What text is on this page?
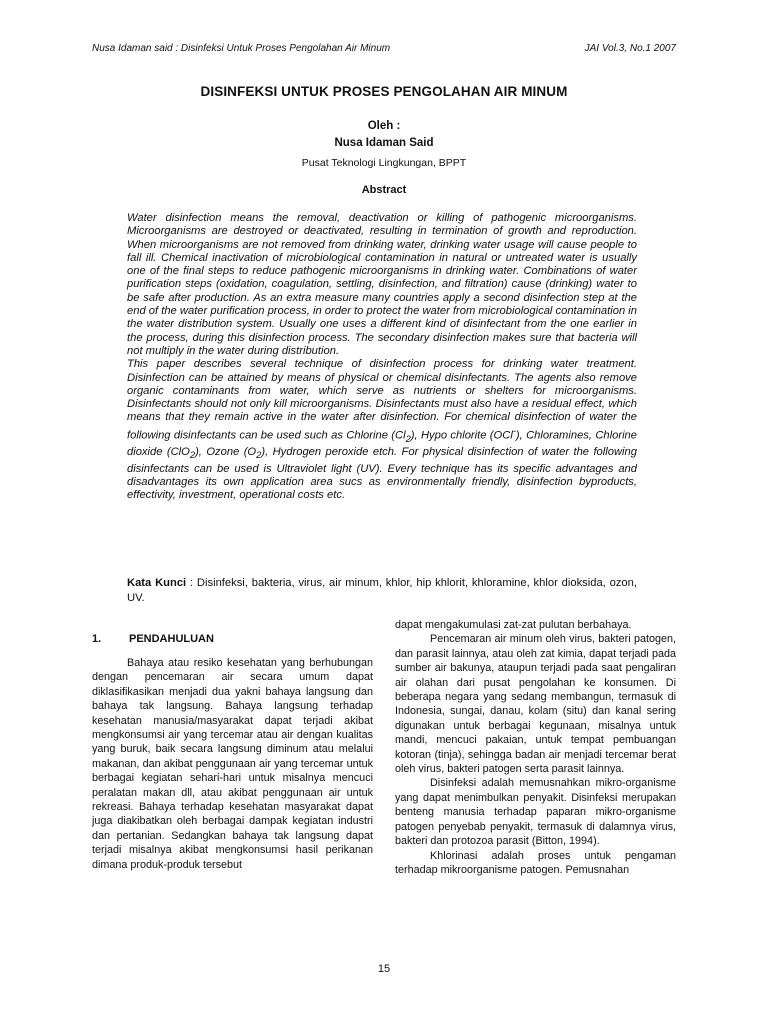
Nusa Idaman said : Disinfeksi Untuk Proses Pengolahan Air Minum	JAI Vol.3, No.1 2007
DISINFEKSI UNTUK PROSES PENGOLAHAN AIR MINUM
Oleh :
Nusa Idaman Said
Pusat Teknologi Lingkungan, BPPT
Abstract

Water disinfection means the removal, deactivation or killing of pathogenic microorganisms. Microorganisms are destroyed or deactivated, resulting in termination of growth and reproduction. When microorganisms are not removed from drinking water, drinking water usage will cause people to fall ill. Chemical inactivation of microbiological contamination in natural or untreated water is usually one of the final steps to reduce pathogenic microorganisms in drinking water. Combinations of water purification steps (oxidation, coagulation, settling, disinfection, and filtration) cause (drinking) water to be safe after production. As an extra measure many countries apply a second disinfection step at the end of the water purification process, in order to protect the water from microbiological contamination in the water distribution system. Usually one uses a different kind of disinfectant from the one earlier in the process, during this disinfection process. The secondary disinfection makes sure that bacteria will not multiply in the water during distribution.

This paper describes several technique of disinfection process for drinking water treatment. Disinfection can be attained by means of physical or chemical disinfectants. The agents also remove organic contaminants from water, which serve as nutrients or shelters for microorganisms. Disinfectants should not only kill microorganisms. Disinfectants must also have a residual effect, which means that they remain active in the water after disinfection. For chemical disinfection of water the following disinfectants can be used such as Chlorine $(Cl_2)$, Hypo chlorite (OCl-), Chloramines, Chlorine dioxide (ClO$_2$), Ozone $(O_2)$, Hydrogen peroxide etch. For physical disinfection of water the following disinfectants can be used is Ultraviolet light (UV). Every technique has its specific advantages and disadvantages its own application area sucs as environmentally friendly, disinfection byproducts, effectivity, investment, operational costs etc.

Kata Kunci : Disinfeksi, bakteria, virus, air minum, khlor, hip khlorit, khloramine, khlor dioksida, ozon, UV.
1.	PENDAHULUAN

Bahaya atau resiko kesehatan yang berhubungan dengan pencemaran air secara umum dapat diklasifikasikan menjadi dua yakni bahaya langsung dan bahaya tak langsung. Bahaya langsung terhadap kesehatan manusia/masyarakat dapat terjadi akibat mengkonsumsi air yang tercemar atau air dengan kualitas yang buruk, baik secara langsung diminum atau melalui makanan, dan akibat penggunaan air yang tercemar untuk berbagai kegiatan sehari-hari untuk misalnya mencuci peralatan makan dll, atau akibat penggunaan air untuk rekreasi. Bahaya terhadap kesehatan masyarakat dapat juga diakibatkan oleh berbagai dampak kegiatan industri dan pertanian. Sedangkan bahaya tak langsung dapat terjadi misalnya akibat mengkonsumsi hasil perikanan dimana produk-produk tersebut

dapat mengakumulasi zat-zat pulutan berbahaya.

Pencemaran air minum oleh virus, bakteri patogen, dan parasit lainnya, atau oleh zat kimia, dapat terjadi pada sumber air bakunya, ataupun terjadi pada saat pengaliran air olahan dari pusat pengolahan ke konsumen. Di beberapa negara yang sedang membangun, termasuk di Indonesia, sungai, danau, kolam (situ) dan kanal sering digunakan untuk berbagai kegunaan, misalnya untuk mandi, mencuci pakaian, untuk tempat pembuangan kotoran (tinja), sehingga badan air menjadi tercemar berat oleh virus, bakteri patogen serta parasit lainnya.

Disinfeksi adalah memusnahkan mikro-organisme yang dapat menimbulkan penyakit. Disinfeksi merupakan benteng manusia terhadap paparan mikro-organisme patogen penyebab penyakit, termasuk di dalamnya virus, bakteri dan protozoa parasit (Bitton, 1994).

Khlorinasi adalah proses untuk pengaman terhadap mikroorganisme patogen. Pemusnahan

15
